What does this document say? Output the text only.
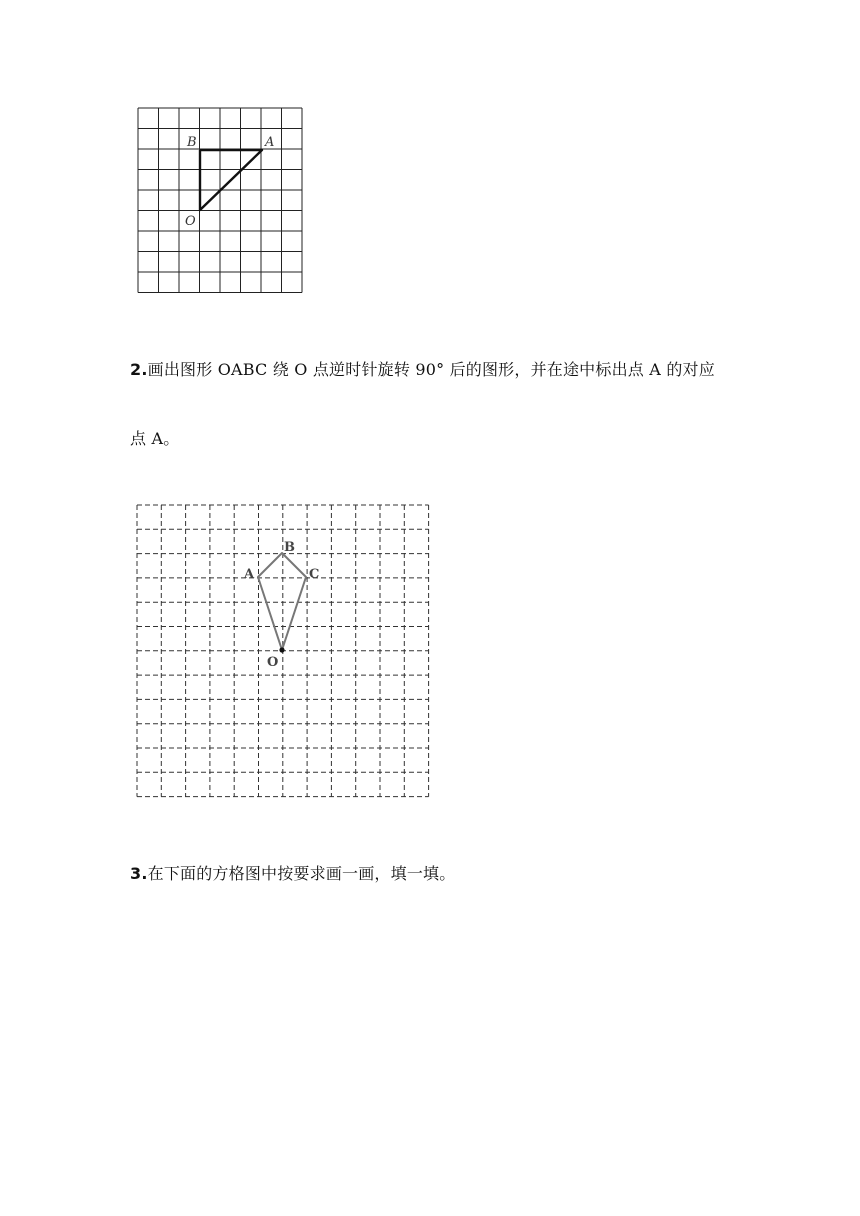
B	A
O
2.画出图形 OABC 绕 O 点逆时针旋转 90° 后的图形，并在途中标出点 A 的对应
点 A。
A
B
C
O
3.在下面的方格图中按要求画一画，填一填。
